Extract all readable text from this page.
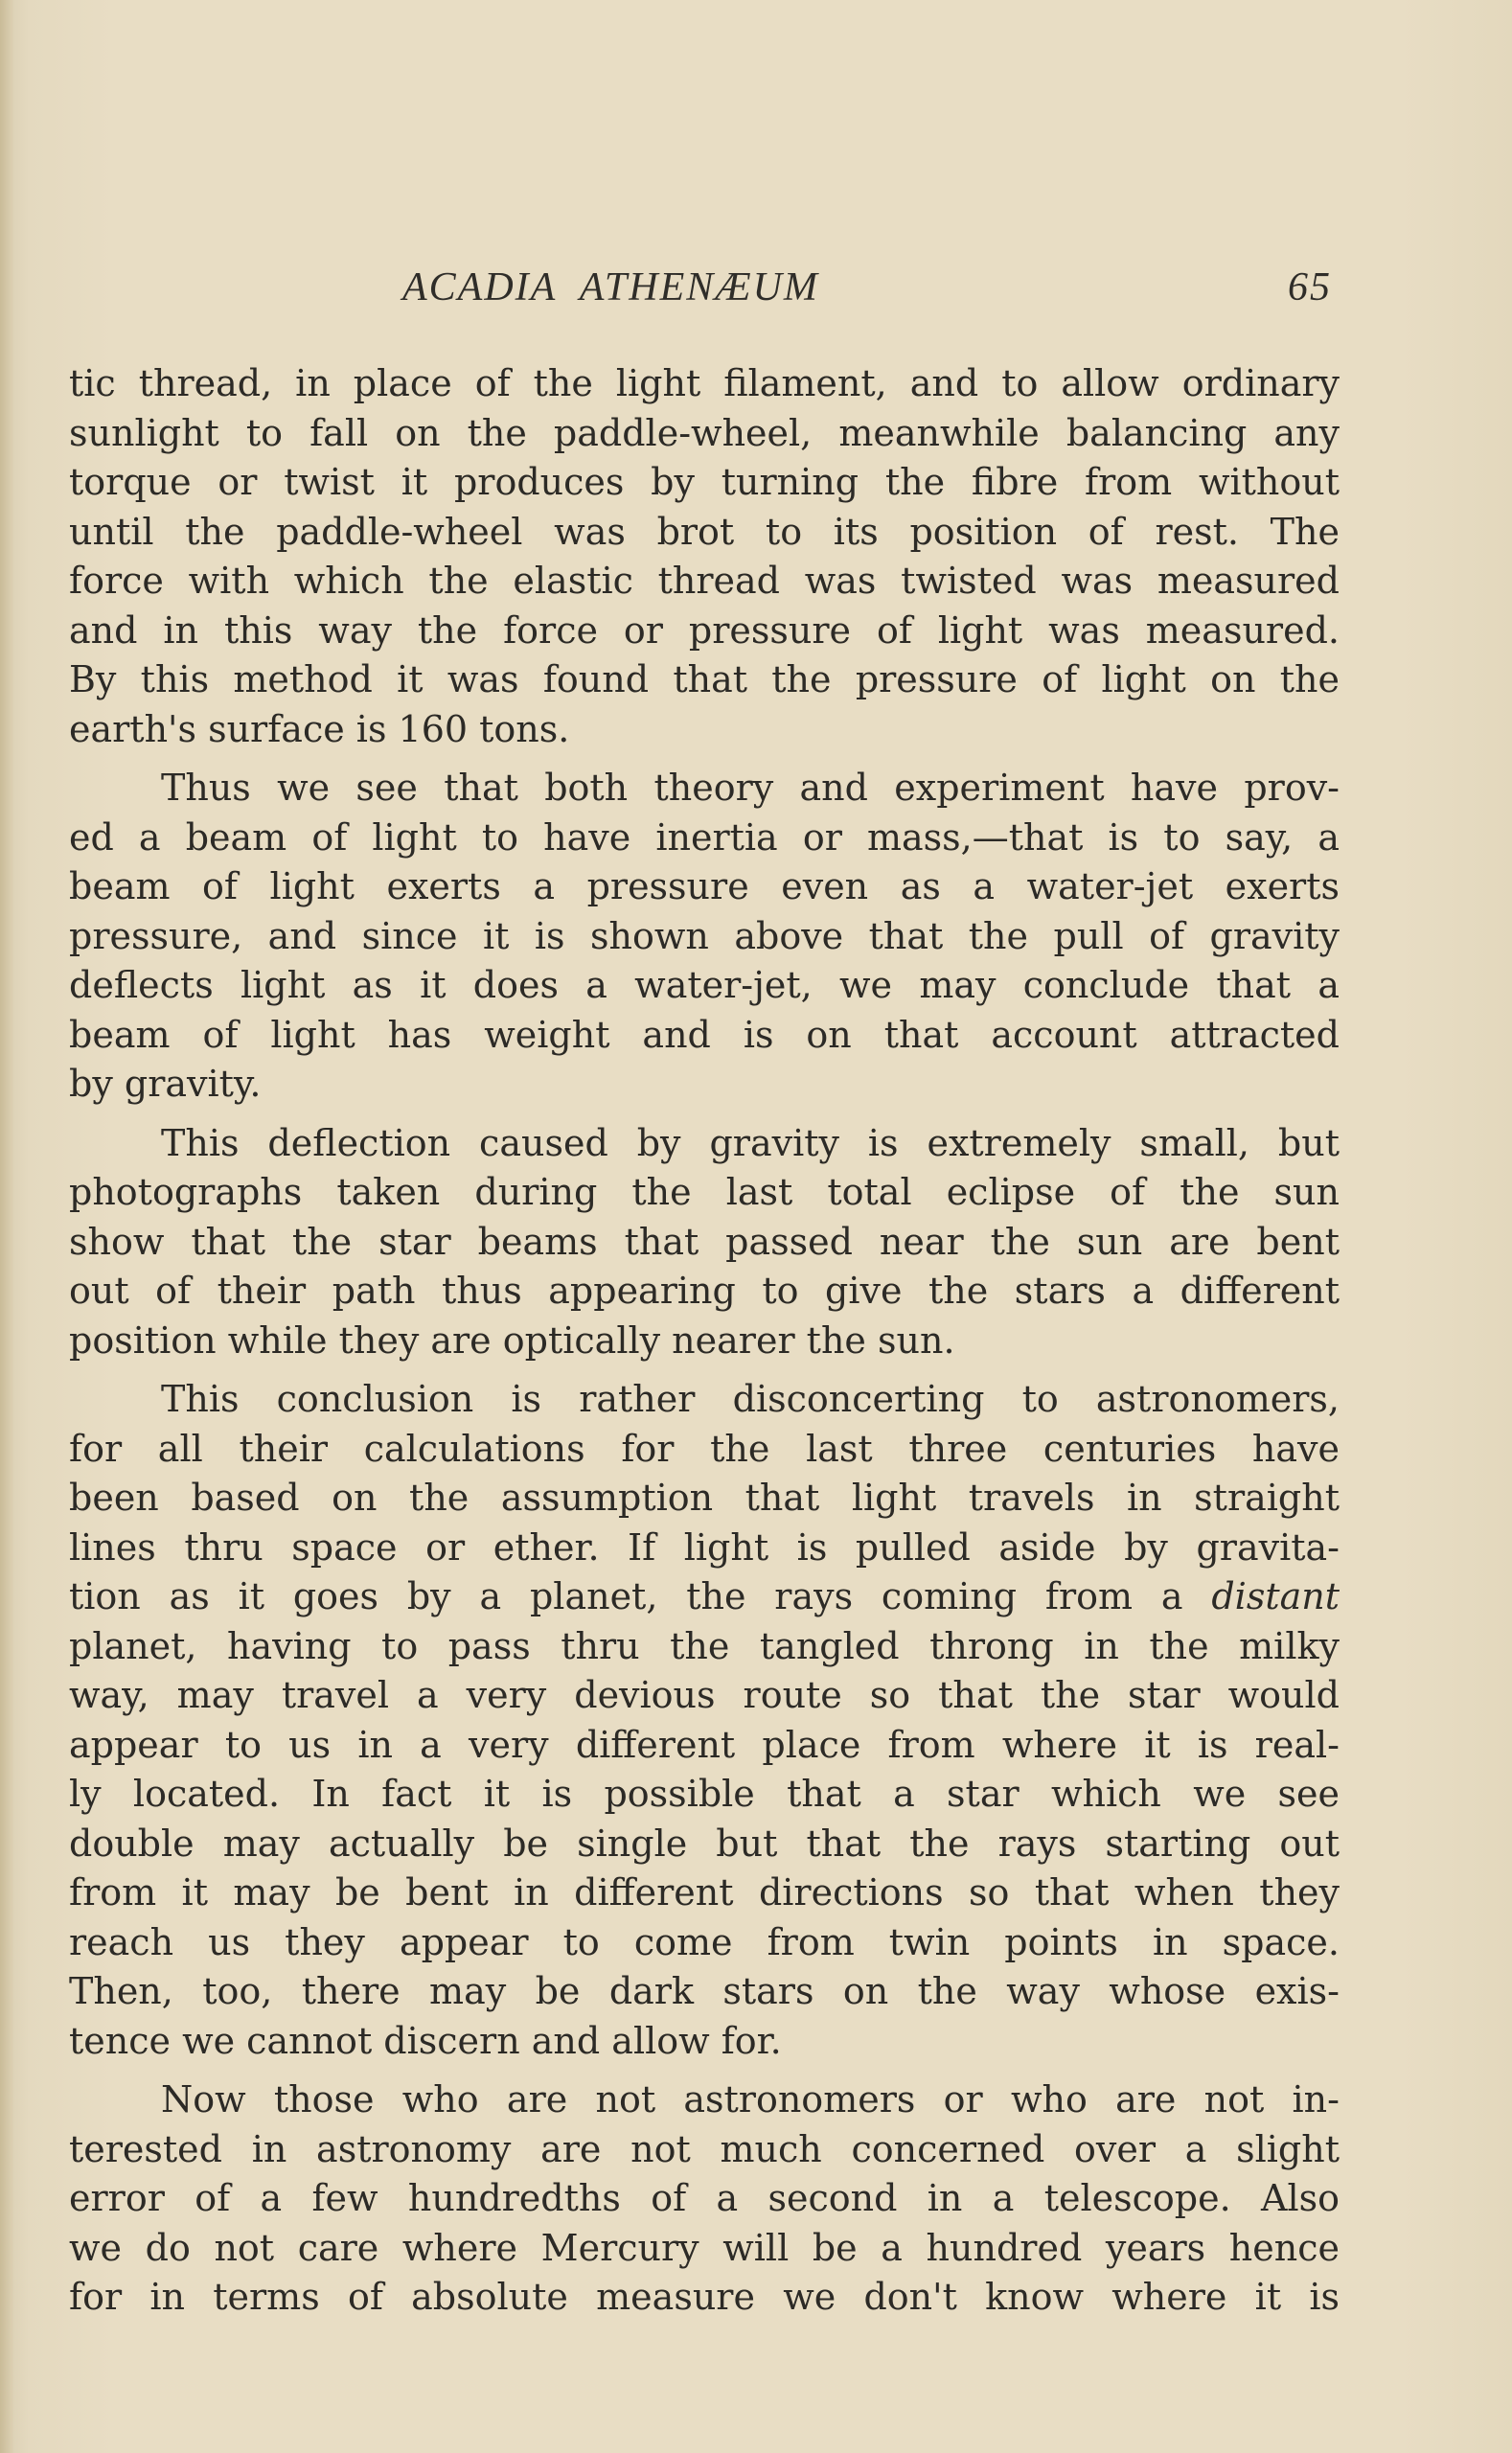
ACADIA  ATHENÆUM	65
tic thread, in place of the light filament, and to allow ordinary
sunlight to fall on the paddle-wheel, meanwhile balancing any
torque or twist it produces by turning the fibre from without
until the paddle-wheel was brot to its position of rest. The
force with which the elastic thread was twisted was measured
and in this way the force or pressure of light was measured.
By this method it was found that the pressure of light on the
earth's surface is 160 tons.
Thus we see that both theory and experiment have prov-
ed a beam of light to have inertia or mass,—that is to say, a
beam of light exerts a pressure even as a water-jet exerts
pressure, and since it is shown above that the pull of gravity
deflects light as it does a water-jet, we may conclude that a
beam of light has weight and is on that account attracted
by gravity.
This deflection caused by gravity is extremely small, but
photographs taken during the last total eclipse of the sun
show that the star beams that passed near the sun are bent
out of their path thus appearing to give the stars a different
position while they are optically nearer the sun.
This conclusion is rather disconcerting to astronomers,
for all their calculations for the last three centuries have
been based on the assumption that light travels in straight
lines thru space or ether. If light is pulled aside by gravita-
tion as it goes by a planet, the rays coming from a distant
planet, having to pass thru the tangled throng in the milky
way, may travel a very devious route so that the star would
appear to us in a very different place from where it is real-
ly located. In fact it is possible that a star which we see
double may actually be single but that the rays starting out
from it may be bent in different directions so that when they
reach us they appear to come from twin points in space.
Then, too, there may be dark stars on the way whose exis-
tence we cannot discern and allow for.
Now those who are not astronomers or who are not in-
terested in astronomy are not much concerned over a slight
error of a few hundredths of a second in a telescope. Also
we do not care where Mercury will be a hundred years hence
for in terms of absolute measure we don't know where it is
